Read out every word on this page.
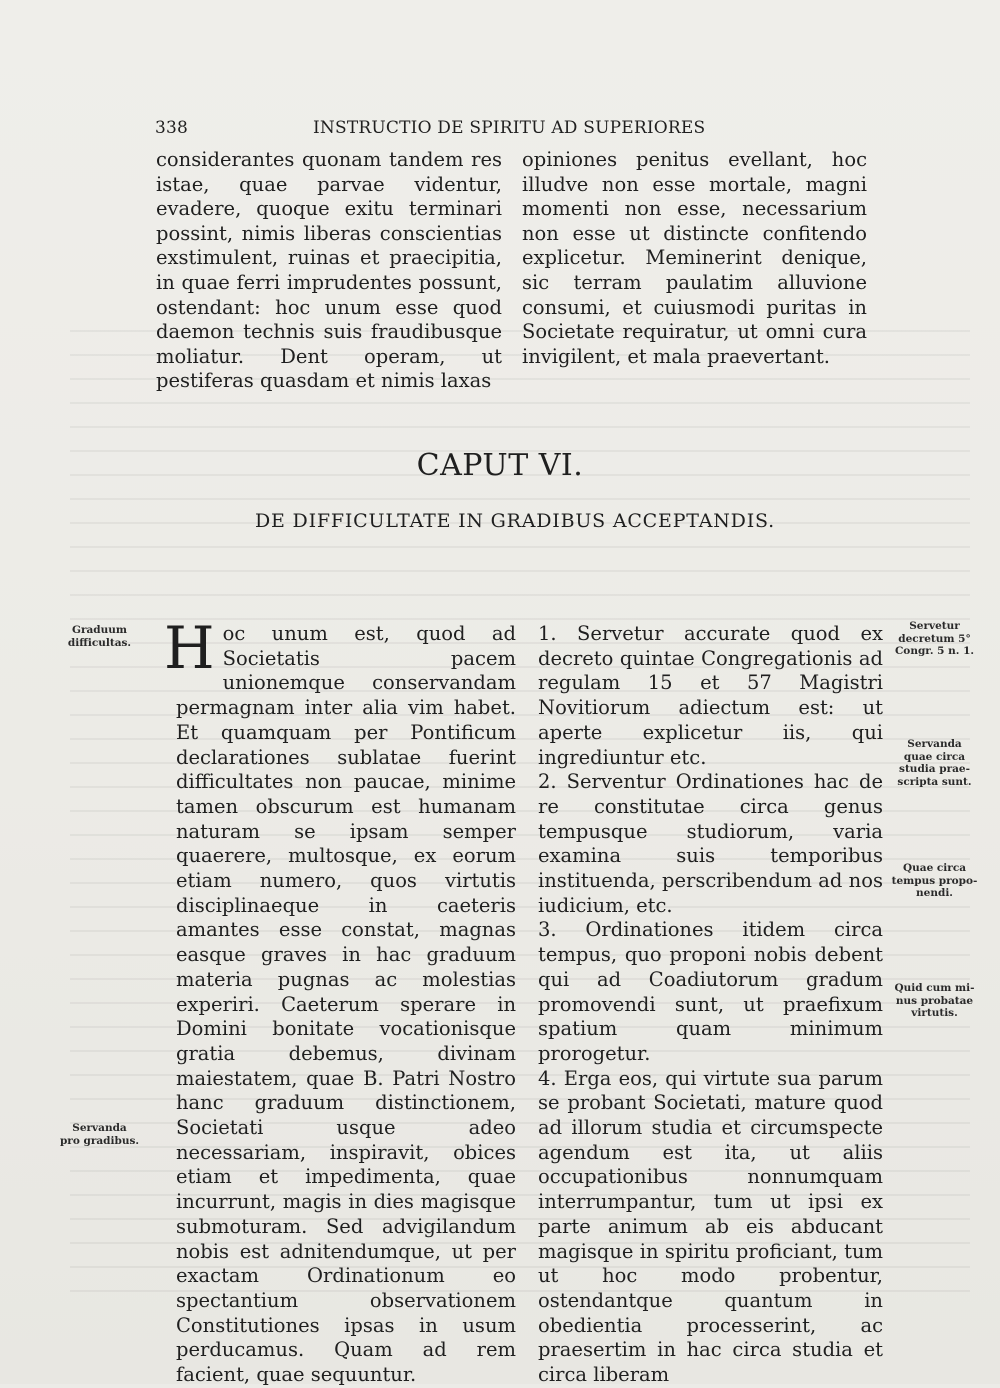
338	INSTRUCTIO DE SPIRITU AD SUPERIORES

considerantes quonam tandem res istae, quae parvae videntur, evadere, quoque exitu terminari possint, nimis liberas conscientias exstimulent, ruinas et praecipitia, in quae ferri imprudentes possunt, ostendant: hoc unum esse quod daemon technis suis fraudibusque moliatur. Dent operam, ut pestiferas quasdam et nimis laxas

opiniones penitus evellant, hoc illudve non esse mortale, magni momenti non esse, necessarium non esse ut distincte confitendo explicetur. Meminerint denique, sic terram paulatim alluvione consumi, et cuiusmodi puritas in Societate requiratur, ut omni cura invigilent, et mala praevertant.

CAPUT VI.
DE DIFFICULTATE IN GRADIBUS ACCEPTANDIS.
H oc unum est, quod ad Societatis pacem unionemque conservandam permagnam inter alia vim habet. Et quamquam per Pontificum declarationes sublatae fuerint difficultates non paucae, minime tamen obscurum est humanam naturam se ipsam semper quaerere, multosque, ex eorum etiam numero, quos virtutis disciplinaeque in caeteris amantes esse constat, magnas easque graves in hac graduum materia pugnas ac molestias experiri. Caeterum sperare in Domini bonitate vocationisque gratia debemus, divinam maiestatem, quae B. Patri Nostro hanc graduum distinctionem, Societati usque adeo necessariam, inspiravit, obices etiam et impedimenta, quae incurrunt, magis in dies magisque submoturam. Sed advigilandum nobis est adnitendumque, ut per exactam Ordinationum eo spectantium observationem Constitutiones ipsas in usum perducamus. Quam ad rem facient, quae sequuntur.

1. Servetur accurate quod ex decreto quintae Congregationis ad regulam 15 et 57 Magistri Novitiorum adiectum est: ut aperte explicetur iis, qui ingrediuntur etc.

2. Serventur Ordinationes hac de re constitutae circa genus tempusque studiorum, varia examina suis temporibus instituenda, perscribendum ad nos iudicium, etc.

3. Ordinationes itidem circa tempus, quo proponi nobis debent qui ad Coadiutorum gradum promovendi sunt, ut praefixum spatium quam minimum prorogetur.

4. Erga eos, qui virtute sua parum se probant Societati, mature quod ad illorum studia et circumspecte agendum est ita, ut aliis occupationibus nonnumquam interrumpantur, tum ut ipsi ex parte animum ab eis abducant magisque in spiritu proficiant, tum ut hoc modo probentur, ostendantque quantum in obedientia processerint, ac praesertim in hac circa studia et circa liberam

Graduum
difficultas.
Servanda
pro gradibus.
Servetur
decretum 5°
Congr. 5 n. 1.
Servanda
quae circa
studia prae-
scripta sunt.
Quae circa
tempus propo-
nendi.
Quid cum mi-
nus probatae
virtutis.
